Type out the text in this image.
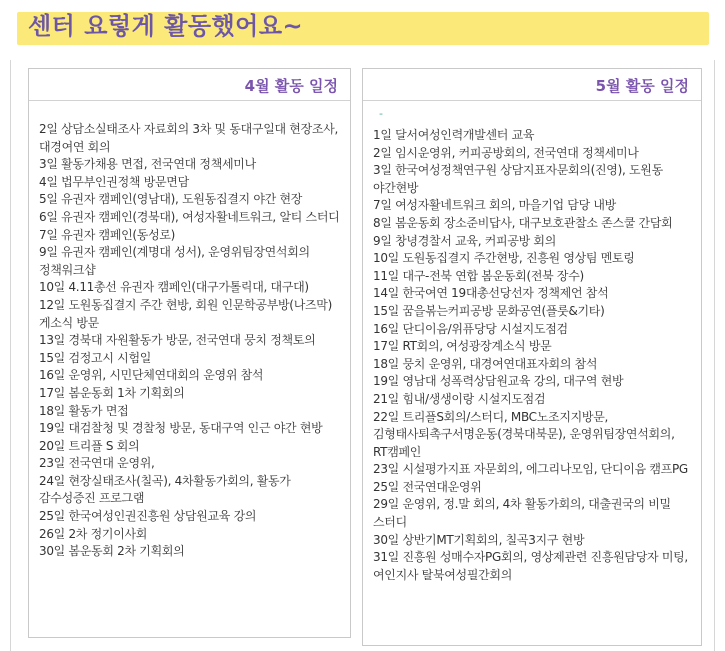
센터 요렇게 활동했어요~
4월 활동 일정
2일 상담소실태조사 자료회의 3차 및 동대구일대 현장조사, 대경여연 회의
3일 활동가채용 면접, 전국연대 정책세미나
4일 법무부인권정책 방문면담
5일 유권자 캠페인(영남대), 도원동집결지 야간 현장
6일 유권자 캠페인(경북대), 여성자활네트워크, 알티 스터디
7일 유권자 캠페인(동성로)
9일 유권자 캠페인(계명대 성서), 운영위팀장연석회의 정책워크샵
10일 4.11총선 유권자 캠페인(대구가톨릭대, 대구대)
12일 도원동집결지 주간 현방, 회원 인문학공부방(나즈막) 게소식 방문
13일 경북대 자원활동가 방문, 전국연대 뭉치 정책토의
15일 검정고시 시험일
16일 운영위, 시민단체연대회의 운영위 참석
17일 봄운동회 1차 기획회의
18일 활동가 면접
19일 대검찰청 및 경찰청 방문, 동대구역 인근 야간 현방
20일 트리플 S 회의
23일 전국연대 운영위,
24일 현장실태조사(칠곡), 4차활동가회의, 활동가 감수성증진 프로그램
25일 한국여성인권진흥원 상담원교육 강의
26일 2차 정기이사회
30일 봄운동회 2차 기획회의
5월 활동 일정
-
1일 달서여성인력개발센터 교육
2일 임시운영위, 커피공방회의, 전국연대 정책세미나
3일 한국여성정책연구원 상담지표자문회의(진영), 도원동 야간현방
7일 여성자활네트워크 회의, 마을기업 담당 내방
8일 봄운동회 장소준비답사, 대구보호관찰소 존스쿨 간담회
9일 창녕경찰서 교육, 커피공방 회의
10일 도원동집결지 주간현방, 진흥원 영상팀 멘토링
11일 대구-전북 연합 봄운동회(전북 장수)
14일 한국여연 19대총선당선자 정책제언 참석
15일 꿈을볶는커피공방 문화공연(플룻&기타)
16일 단디이음/위퓨당당 시설지도점검
17일 RT회의, 여성광장계소식 방문
18일 뭉치 운영위, 대경여연대표자회의 참석
19일 영남대 성폭력상담원교육 강의, 대구역 현방
21일 힘내/생생이랑 시설지도점검
22일 트리플S회의/스터디, MBC노조지지방문, 김형태사퇴촉구서명운동(경북대북문), 운영위팀장연석회의, RT캠페인
23일 시설평가지표 자문회의, 에그리나모임, 단디이음 캠프PG
25일 전국연대운영위
29일 운영위, 정.말 회의, 4차 활동가회의, 대출권국의 비밀 스터디
30일 상반기MT기획회의, 칠곡3지구 현방
31일 진흥원 성매수자PG회의, 영상제관련 진흥원담당자 미팅, 여인지사 탈북여성필간회의
